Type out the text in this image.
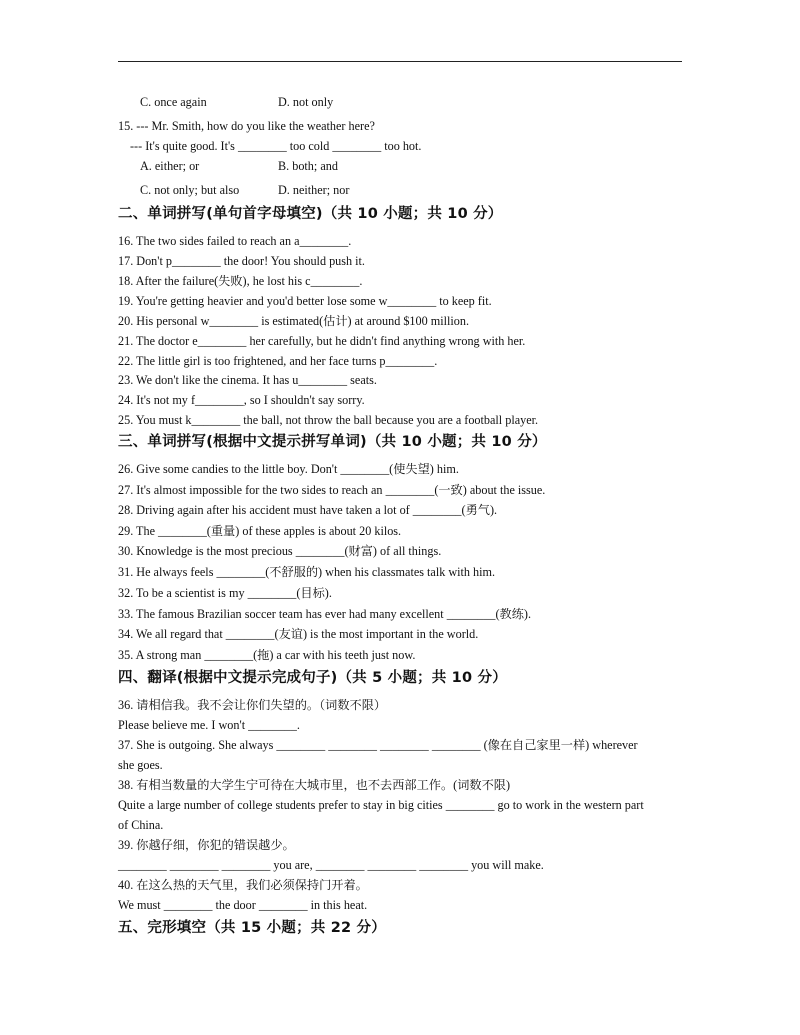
C. once again	D. not only
15. --- Mr. Smith, how do you like the weather here?
--- It's quite good. It's ________ too cold ________ too hot.
A. either; or	B. both; and
C. not only; but also	D. neither; nor
二、单词拼写(单句首字母填空)（共 10 小题；共 10 分）
16. The two sides failed to reach an a________.
17. Don't p________ the door! You should push it.
18. After the failure(失败), he lost his c________.
19. You're getting heavier and you'd better lose some w________ to keep fit.
20. His personal w________ is estimated(估计) at around $100 million.
21. The doctor e________ her carefully, but he didn't find anything wrong with her.
22. The little girl is too frightened, and her face turns p________.
23. We don't like the cinema. It has u________ seats.
24. It's not my f________, so I shouldn't say sorry.
25. You must k________ the ball, not throw the ball because you are a football player.
三、单词拼写(根据中文提示拼写单词)（共 10 小题；共 10 分）
26. Give some candies to the little boy. Don't ________(使失望) him.
27. It's almost impossible for the two sides to reach an ________(一致) about the issue.
28. Driving again after his accident must have taken a lot of ________(勇气).
29. The ________(重量) of these apples is about 20 kilos.
30. Knowledge is the most precious ________(财富) of all things.
31. He always feels ________(不舒服的) when his classmates talk with him.
32. To be a scientist is my ________(目标).
33. The famous Brazilian soccer team has ever had many excellent ________(教练).
34. We all regard that ________(友谊) is the most important in the world.
35. A strong man ________(拖) a car with his teeth just now.
四、翻译(根据中文提示完成句子)（共 5 小题；共 10 分）
36. 请相信我。我不会让你们失望的。（词数不限）
Please believe me. I won't ________.
37. She is outgoing. She always ________ ________ ________ ________ (像在自己家里一样) wherever
she goes.
38. 有相当数量的大学生宁可待在大城市里，也不去西部工作。(词数不限)
Quite a large number of college students prefer to stay in big cities ________ go to work in the western part
of China.
39. 你越仔细，你犯的错误越少。
________ ________ ________ you are, ________ ________ ________ you will make.
40. 在这么热的天气里，我们必须保持门开着。
We must ________ the door ________ in this heat.
五、完形填空（共 15 小题；共 22 分）
